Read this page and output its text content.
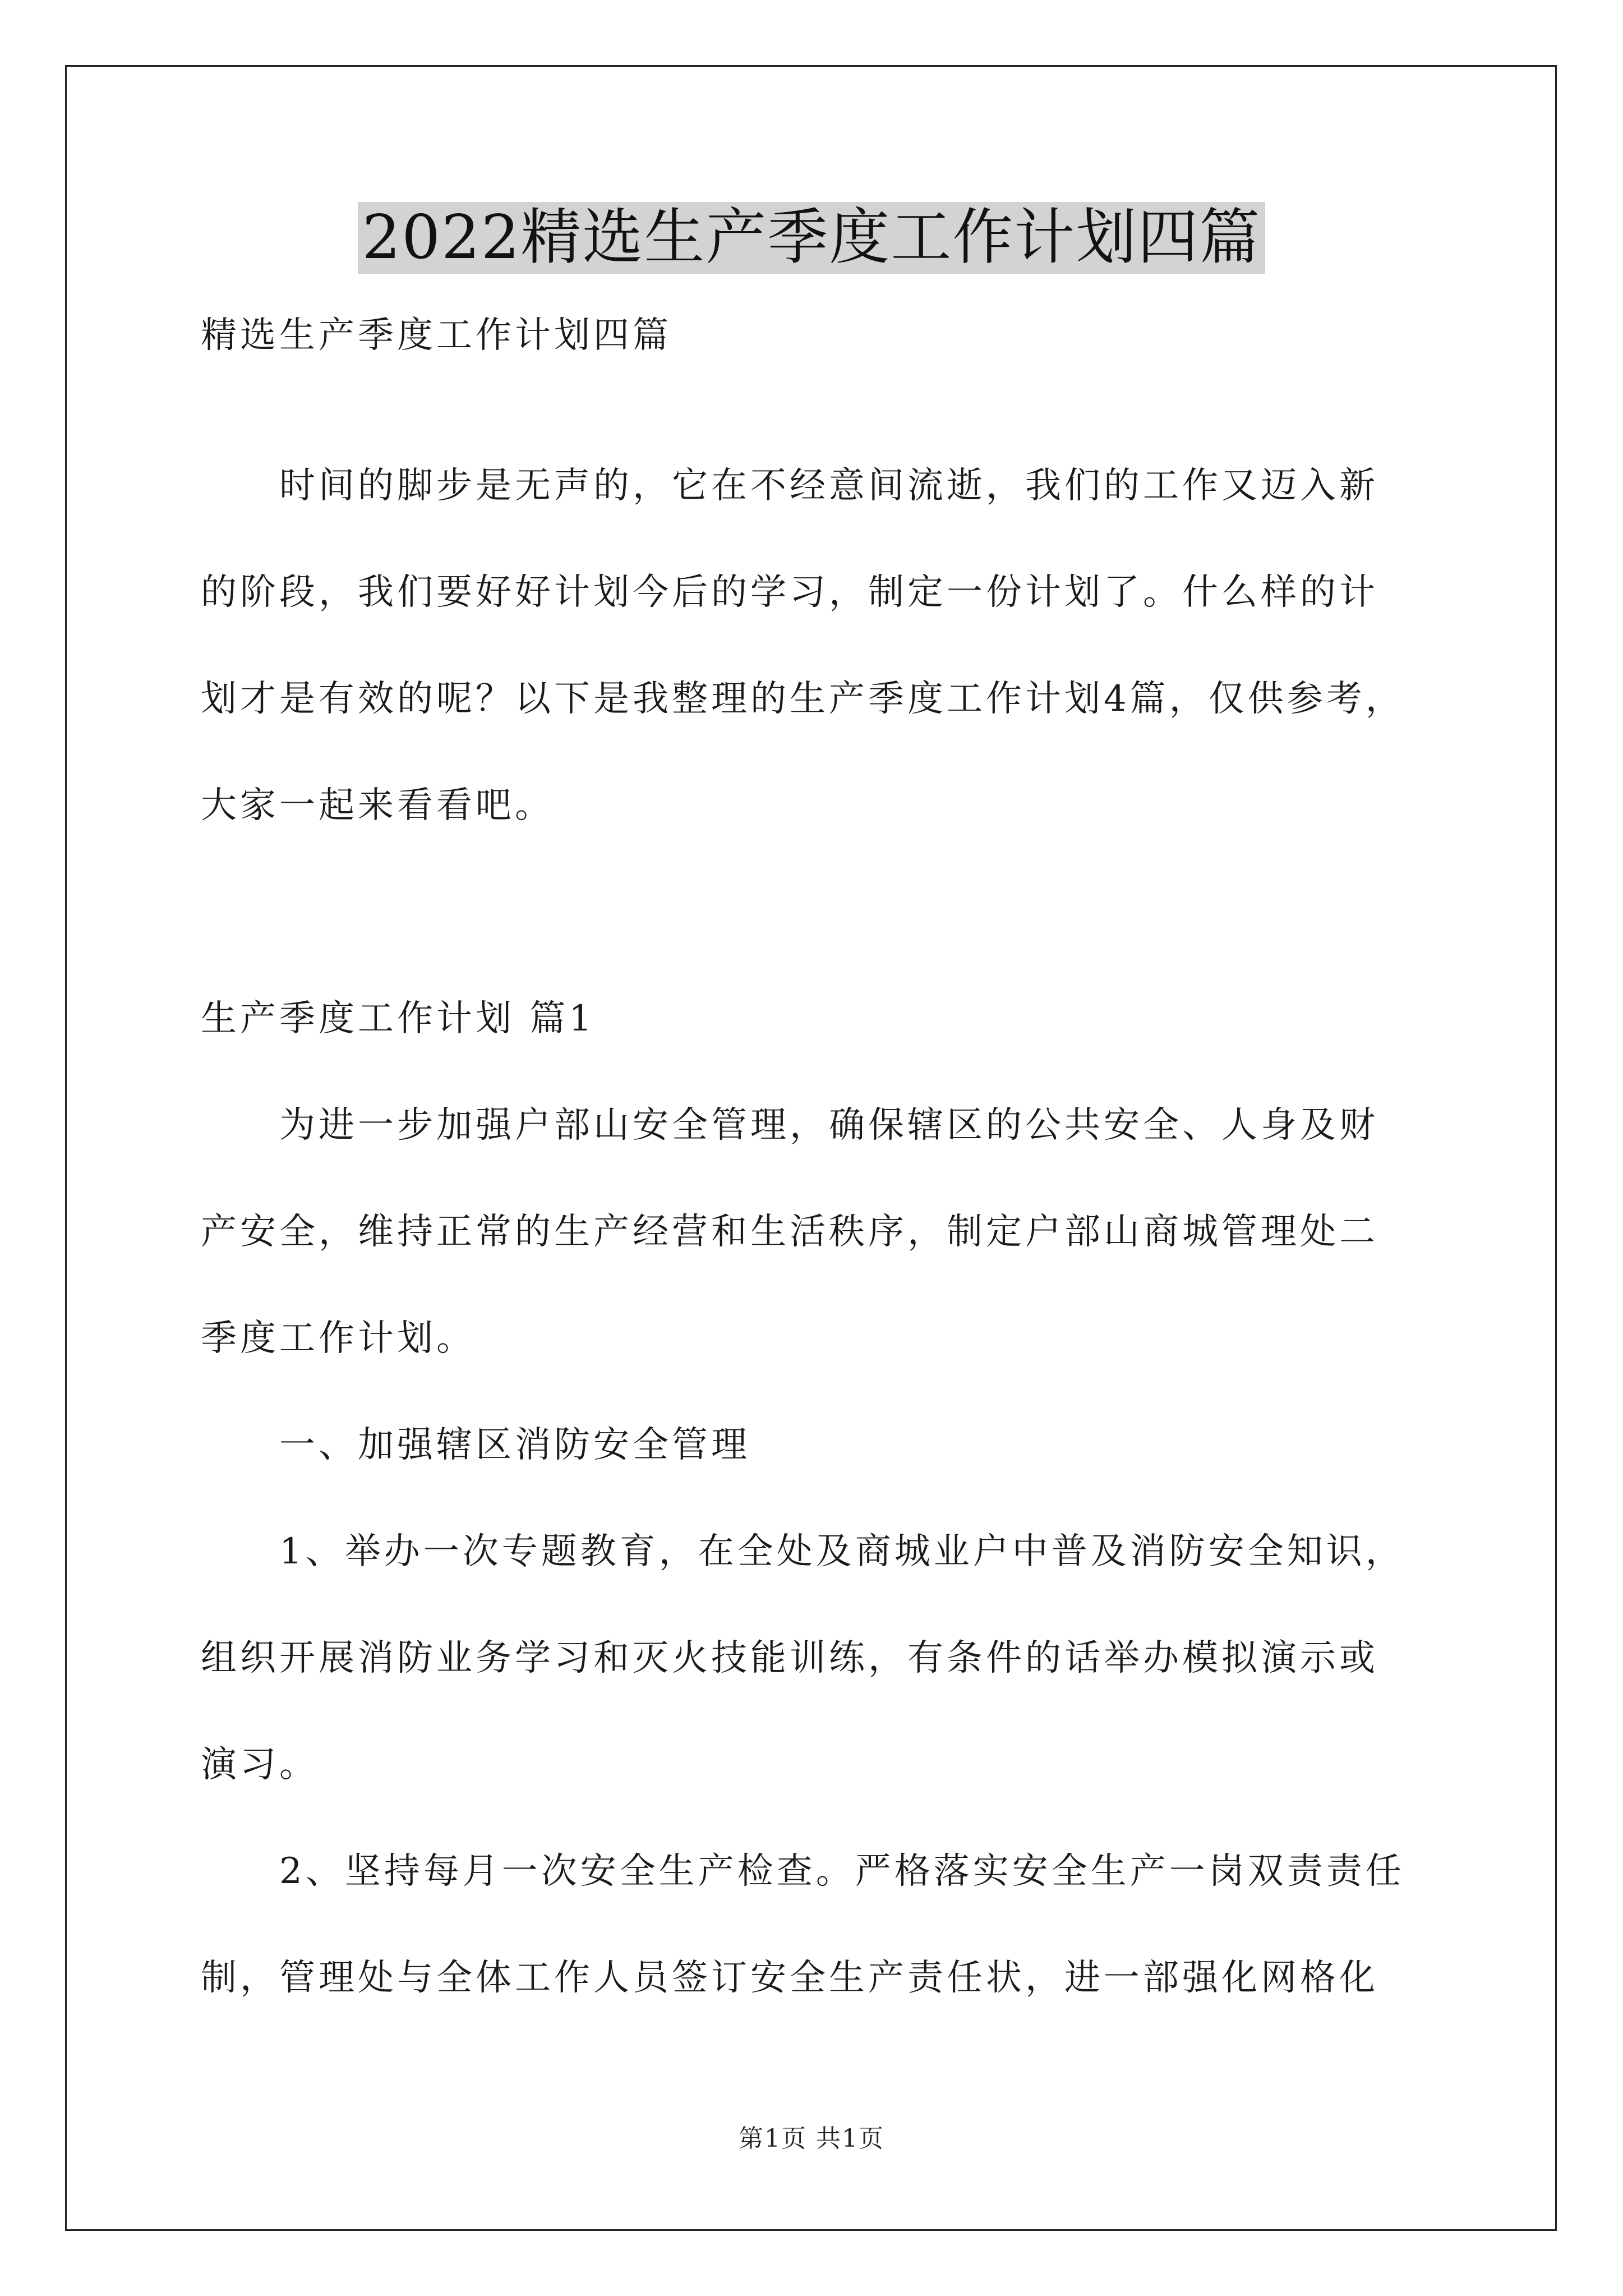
2022精选生产季度工作计划四篇
精选生产季度工作计划四篇
时间的脚步是无声的，它在不经意间流逝，我们的工作又迈入新
的阶段，我们要好好计划今后的学习，制定一份计划了。什么样的计
划才是有效的呢？以下是我整理的生产季度工作计划4篇，仅供参考，
大家一起来看看吧。
生产季度工作计划 篇1
为进一步加强户部山安全管理，确保辖区的公共安全、人身及财
产安全，维持正常的生产经营和生活秩序，制定户部山商城管理处二
季度工作计划。
一、加强辖区消防安全管理
1、举办一次专题教育，在全处及商城业户中普及消防安全知识，
组织开展消防业务学习和灭火技能训练，有条件的话举办模拟演示或
演习。
2、坚持每月一次安全生产检查。严格落实安全生产一岗双责责任
制，管理处与全体工作人员签订安全生产责任状，进一部强化网格化
第1页 共1页
